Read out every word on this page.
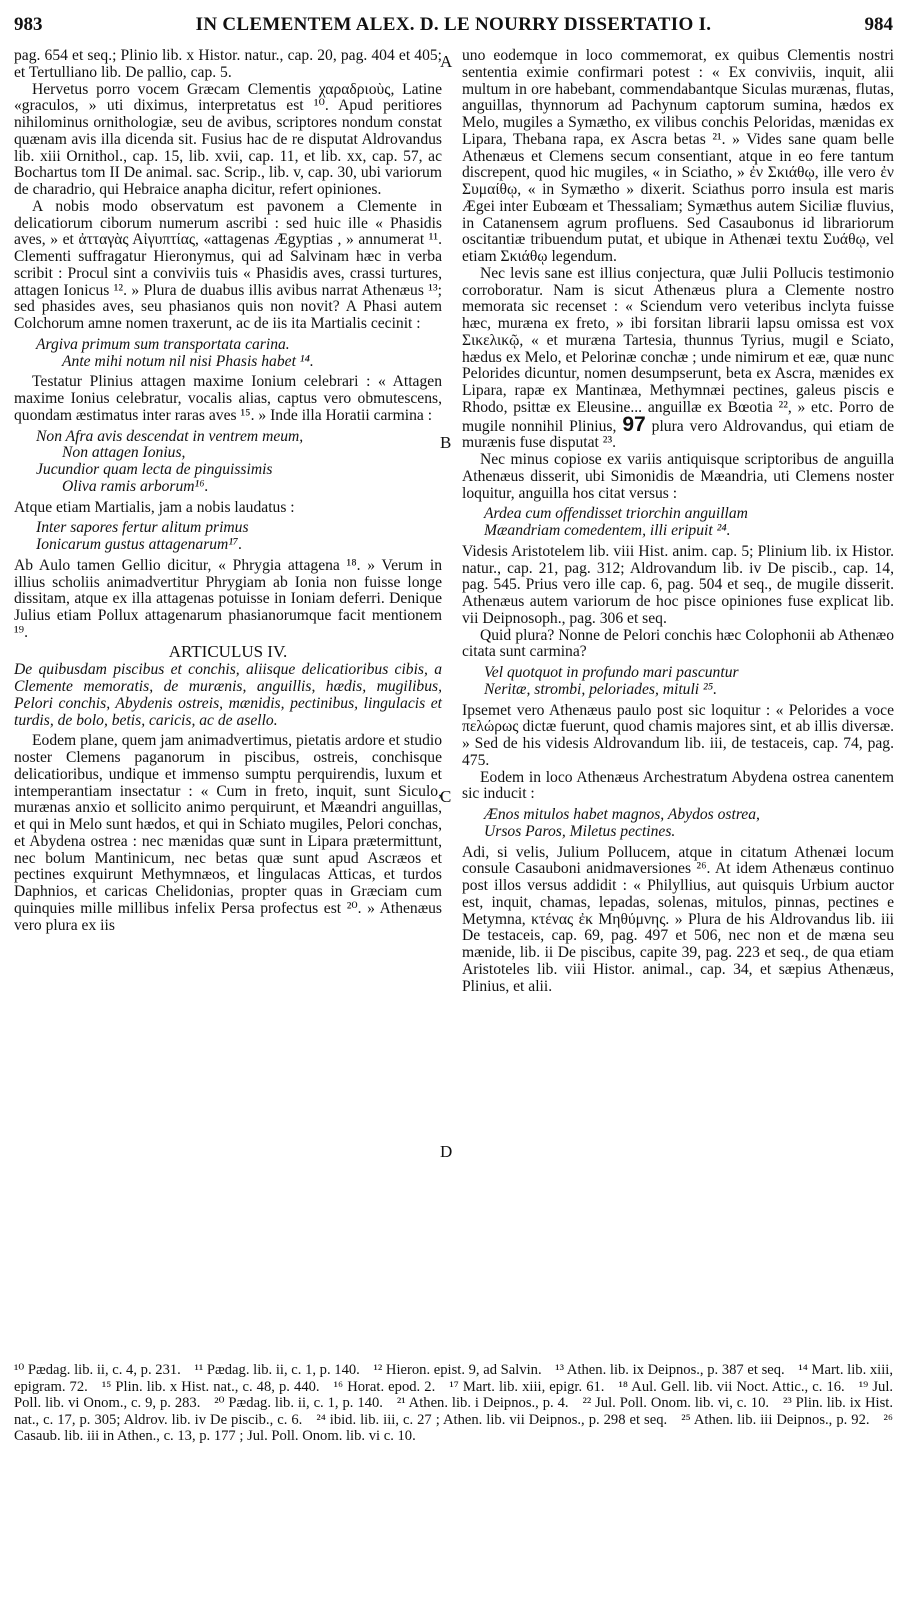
983	IN CLEMENTEM ALEX. D. LE NOURRY DISSERTATIO I.	984
A
B
C
D

pag. 654 et seq.; Plinio lib. x Histor. natur., cap. 20, pag. 404 et 405; et Tertulliano lib. De pallio, cap. 5.

Hervetus porro vocem Græcam Clementis χαραδριοὺς, Latine «graculos, » uti diximus, interpretatus est ¹⁰. Apud peritiores nihilominus ornithologiæ, seu de avibus, scriptores nondum constat quænam avis illa dicenda sit. Fusius hac de re disputat Aldrovandus lib. xiii Ornithol., cap. 15, lib. xvii, cap. 11, et lib. xx, cap. 57, ac Bochartus tom II De animal. sac. Scrip., lib. v, cap. 30, ubi variorum de charadrio, qui Hebraice anapha dicitur, refert opiniones.

A nobis modo observatum est pavonem a Clemente in delicatiorum ciborum numerum ascribi : sed huic ille « Phasidis aves, » et ἀτταγὰς Αἰγυπτίας, «attagenas Ægyptias , » annumerat ¹¹. Clementi suffragatur Hieronymus, qui ad Salvinam hæc in verba scribit : Procul sint a conviviis tuis « Phasidis aves, crassi turtures, attagen Ionicus ¹². » Plura de duabus illis avibus narrat Athenæus ¹³; sed phasides aves, seu phasianos quis non novit? A Phasi autem Colchorum amne nomen traxerunt, ac de iis ita Martialis cecinit :

Argiva primum sum transportata carina.
Ante mihi notum nil nisi Phasis habet ¹⁴.

Testatur Plinius attagen maxime Ionium celebrari : « Attagen maxime Ionius celebratur, vocalis alias, captus vero obmutescens, quondam æstimatus inter raras aves ¹⁵. » Inde illa Horatii carmina :

Non Afra avis descendat in ventrem meum,
Non attagen Ionius,
Jucundior quam lecta de pinguissimis
Oliva ramis arborum¹⁶.

Atque etiam Martialis, jam a nobis laudatus :

Inter sapores fertur alitum primus
Ionicarum gustus attagenarum¹⁷.

Ab Aulo tamen Gellio dicitur, « Phrygia attagena ¹⁸. » Verum in illius scholiis animadvertitur Phrygiam ab Ionia non fuisse longe dissitam, atque ex illa attagenas potuisse in Ioniam deferri. Denique Julius etiam Pollux attagenarum phasianorumque facit mentionem ¹⁹.

ARTICULUS IV.

De quibusdam piscibus et conchis, aliisque delicatioribus cibis, a Clemente memoratis, de murænis, anguillis, hædis, mugilibus, Pelori conchis, Abydenis ostreis, mænidis, pectinibus, lingulacis et turdis, de bolo, betis, caricis, ac de asello.

Eodem plane, quem jam animadvertimus, pietatis ardore et studio noster Clemens paganorum in piscibus, ostreis, conchisque delicatioribus, undique et immenso sumptu perquirendis, luxum et intemperantiam insectatur : « Cum in freto, inquit, sunt Siculo, murænas anxio et sollicito animo perquirunt, et Mæandri anguillas, et qui in Melo sunt hædos, et qui in Schiato mugiles, Pelori conchas, et Abydena ostrea : nec mænidas quæ sunt in Lipara prætermittunt, nec bolum Mantinicum, nec betas quæ sunt apud Ascræos et pectines exquirunt Methymnæos, et lingulacas Atticas, et turdos Daphnios, et caricas Chelidonias, propter quas in Græciam cum quinquies mille millibus infelix Persa profectus est ²⁰. » Athenæus vero plura ex iis

uno eodemque in loco commemorat, ex quibus Clementis nostri sententia eximie confirmari potest : « Ex conviviis, inquit, alii multum in ore habebant, commendabantque Siculas murænas, flutas, anguillas, thynnorum ad Pachynum captorum sumina, hædos ex Melo, mugiles a Symætho, ex vilibus conchis Peloridas, mænidas ex Lipara, Thebana rapa, ex Ascra betas ²¹. » Vides sane quam belle Athenæus et Clemens secum consentiant, atque in eo fere tantum discrepent, quod hic mugiles, « in Sciatho, » ἐν Σκιάθῳ, ille vero ἐν Συμαίθῳ, « in Symætho » dixerit. Sciathus porro insula est maris Ægei inter Eubœam et Thessaliam; Symæthus autem Siciliæ fluvius, in Catanensem agrum profluens. Sed Casaubonus id librariorum oscitantiæ tribuendum putat, et ubique in Athenæi textu Συάθῳ, vel etiam Σκιάθῳ legendum.

Nec levis sane est illius conjectura, quæ Julii Pollucis testimonio corroboratur. Nam is sicut Athenæus plura a Clemente nostro memorata sic recenset : « Sciendum vero veteribus inclyta fuisse hæc, muræna ex freto, » ibi forsitan librarii lapsu omissa est vox Σικελικῷ, « et muræna Tartesia, thunnus Tyrius, mugil e Sciato, hædus ex Melo, et Pelorinæ conchæ ; unde nimirum et eæ, quæ nunc Pelorides dicuntur, nomen desumpserunt, beta ex Ascra, mænides ex Lipara, rapæ ex Mantinæa, Methymnæi pectines, galeus piscis e Rhodo, psittæ ex Eleusine... anguillæ ex Bœotia ²², » etc. Porro de mugile nonnihil Plinius, 97 plura vero Aldrovandus, qui etiam de murænis fuse disputat ²³.

Nec minus copiose ex variis antiquisque scriptoribus de anguilla Athenæus disserit, ubi Simonidis de Mæandria, uti Clemens noster loquitur, anguilla hos citat versus :

Ardea cum offendisset triorchin anguillam
Mæandriam comedentem, illi eripuit ²⁴.

Videsis Aristotelem lib. viii Hist. anim. cap. 5; Plinium lib. ix Histor. natur., cap. 21, pag. 312; Aldrovandum lib. iv De piscib., cap. 14, pag. 545. Prius vero ille cap. 6, pag. 504 et seq., de mugile disserit. Athenæus autem variorum de hoc pisce opiniones fuse explicat lib. vii Deipnosoph., pag. 306 et seq.

Quid plura? Nonne de Pelori conchis hæc Colophonii ab Athenæo citata sunt carmina?

Vel quotquot in profundo mari pascuntur
Neritæ, strombi, peloriades, mituli ²⁵.

Ipsemet vero Athenæus paulo post sic loquitur : « Pelorides a voce πελώρως dictæ fuerunt, quod chamis majores sint, et ab illis diversæ. » Sed de his videsis Aldrovandum lib. iii, de testaceis, cap. 74, pag. 475.

Eodem in loco Athenæus Archestratum Abydena ostrea canentem sic inducit :

Ænos mitulos habet magnos, Abydos ostrea,
Ursos Paros, Miletus pectines.

Adi, si velis, Julium Pollucem, atque in citatum Athenæi locum consule Casauboni anidmaversiones ²⁶. At idem Athenæus continuo post illos versus addidit : « Philyllius, aut quisquis Urbium auctor est, inquit, chamas, lepadas, solenas, mitulos, pinnas, pectines e Metymna, κτένας ἐκ Μηθύμνης. » Plura de his Aldrovandus lib. iii De testaceis, cap. 69, pag. 497 et 506, nec non et de mæna seu mænide, lib. ii De piscibus, capite 39, pag. 223 et seq., de qua etiam Aristoteles lib. viii Histor. animal., cap. 34, et sæpius Athenæus, Plinius, et alii.

¹⁰ Pædag. lib. ii, c. 4, p. 231. ¹¹ Pædag. lib. ii, c. 1, p. 140. ¹² Hieron. epist. 9, ad Salvin. ¹³ Athen. lib. ix Deipnos., p. 387 et seq. ¹⁴ Mart. lib. xiii, epigram. 72. ¹⁵ Plin. lib. x Hist. nat., c. 48, p. 440. ¹⁶ Horat. epod. 2. ¹⁷ Mart. lib. xiii, epigr. 61. ¹⁸ Aul. Gell. lib. vii Noct. Attic., c. 16. ¹⁹ Jul. Poll. lib. vi Onom., c. 9, p. 283. ²⁰ Pædag. lib. ii, c. 1, p. 140. ²¹ Athen. lib. i Deipnos., p. 4. ²² Jul. Poll. Onom. lib. vi, c. 10. ²³ Plin. lib. ix Hist. nat., c. 17, p. 305; Aldrov. lib. iv De piscib., c. 6. ²⁴ ibid. lib. iii, c. 27 ; Athen. lib. vii Deipnos., p. 298 et seq. ²⁵ Athen. lib. iii Deipnos., p. 92. ²⁶ Casaub. lib. iii in Athen., c. 13, p. 177 ; Jul. Poll. Onom. lib. vi c. 10.
